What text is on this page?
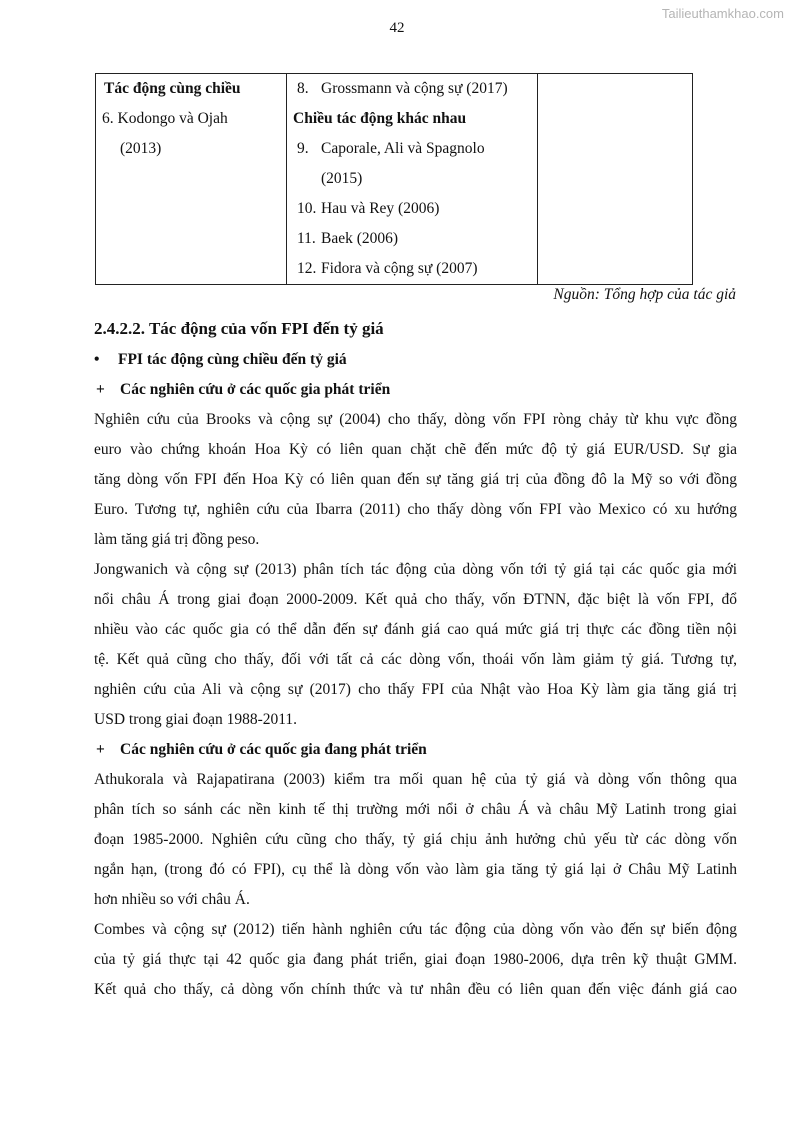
Tailieuthamkhao.com
42
Tác động cùng chiều
6. Kodongo và Ojah
(2013)

8. Grossmann và cộng sự (2017)
Chiều tác động khác nhau
9. Caporale, Ali và Spagnolo
(2015)
10. Hau và Rey (2006)
11. Baek (2006)
12. Fidora và cộng sự (2007)

Nguồn: Tổng hợp của tác giả
2.4.2.2. Tác động của vốn FPI đến tỷ giá
• FPI tác động cùng chiều đến tỷ giá
+ Các nghiên cứu ở các quốc gia phát triển
Nghiên cứu của Brooks và cộng sự (2004) cho thấy, dòng vốn FPI ròng chảy từ khu vực đồng
euro vào chứng khoán Hoa Kỳ có liên quan chặt chẽ đến mức độ tỷ giá EUR/USD. Sự gia
tăng dòng vốn FPI đến Hoa Kỳ có liên quan đến sự tăng giá trị của đồng đô la Mỹ so với đồng
Euro. Tương tự, nghiên cứu của Ibarra (2011) cho thấy dòng vốn FPI vào Mexico có xu hướng
làm tăng giá trị đồng peso.
Jongwanich và cộng sự (2013) phân tích tác động của dòng vốn tới tỷ giá tại các quốc gia mới
nổi châu Á trong giai đoạn 2000-2009. Kết quả cho thấy, vốn ĐTNN, đặc biệt là vốn FPI, đổ
nhiều vào các quốc gia có thể dẫn đến sự đánh giá cao quá mức giá trị thực các đồng tiền nội
tệ. Kết quả cũng cho thấy, đối với tất cả các dòng vốn, thoái vốn làm giảm tỷ giá. Tương tự,
nghiên cứu của Ali và cộng sự (2017) cho thấy FPI của Nhật vào Hoa Kỳ làm gia tăng giá trị
USD trong giai đoạn 1988-2011.
+ Các nghiên cứu ở các quốc gia đang phát triển
Athukorala và Rajapatirana (2003) kiểm tra mối quan hệ của tỷ giá và dòng vốn thông qua
phân tích so sánh các nền kinh tế thị trường mới nổi ở châu Á và châu Mỹ Latinh trong giai
đoạn 1985-2000. Nghiên cứu cũng cho thấy, tỷ giá chịu ảnh hưởng chủ yếu từ các dòng vốn
ngắn hạn, (trong đó có FPI), cụ thể là dòng vốn vào làm gia tăng tỷ giá lại ở Châu Mỹ Latinh
hơn nhiều so với châu Á.
Combes và cộng sự (2012) tiến hành nghiên cứu tác động của dòng vốn vào đến sự biến động
của tỷ giá thực tại 42 quốc gia đang phát triển, giai đoạn 1980-2006, dựa trên kỹ thuật GMM.
Kết quả cho thấy, cả dòng vốn chính thức và tư nhân đều có liên quan đến việc đánh giá cao
